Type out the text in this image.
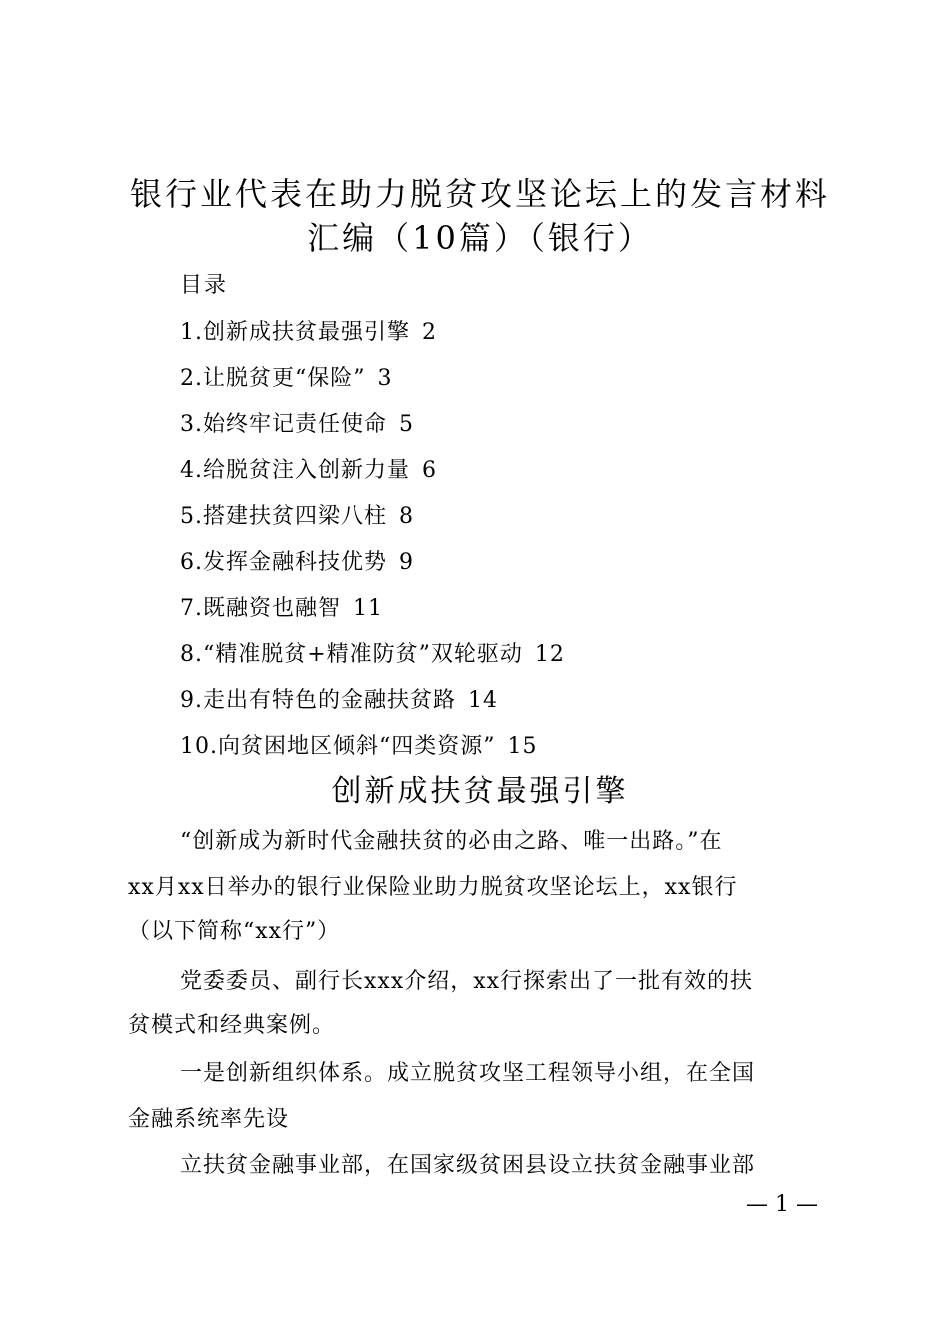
银行业代表在助力脱贫攻坚论坛上的发言材料
汇编（10篇）（银行）

目录

1.创新成扶贫最强引擎 2
2.让脱贫更“保险” 3
3.始终牢记责任使命 5
4.给脱贫注入创新力量 6
5.搭建扶贫四梁八柱 8
6.发挥金融科技优势 9
7.既融资也融智 11
8.“精准脱贫+精准防贫”双轮驱动 12
9.走出有特色的金融扶贫路 14
10.向贫困地区倾斜“四类资源” 15
创新成扶贫最强引擎

“创新成为新时代金融扶贫的必由之路、唯一出路。”在

xx月xx日举办的银行业保险业助力脱贫攻坚论坛上，xx银行

（以下简称“xx行”）

党委委员、副行长xxx介绍，xx行探索出了一批有效的扶

贫模式和经典案例。

一是创新组织体系。成立脱贫攻坚工程领导小组，在全国

金融系统率先设

立扶贫金融事业部，在国家级贫困县设立扶贫金融事业部

— 1 —
